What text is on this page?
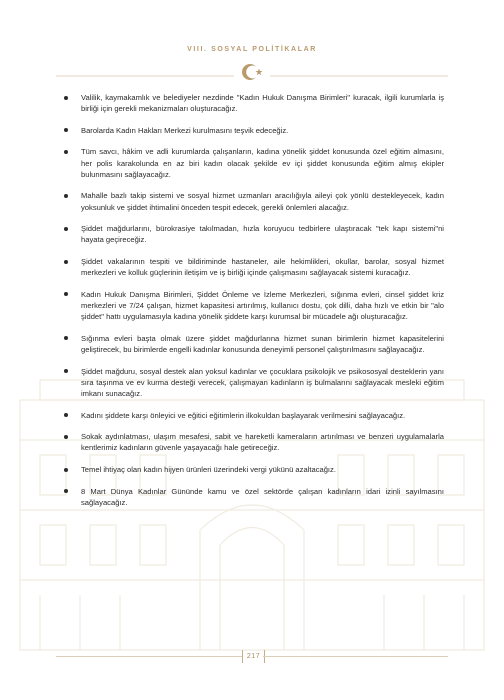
VIII. SOSYAL POLİTİKALAR
Valilik, kaymakamlık ve belediyeler nezdinde ''Kadın Hukuk Danışma Birimleri'' kuracak, ilgili kurumlarla iş birliği için gerekli mekanizmaları oluşturacağız.
Barolarda Kadın Hakları Merkezi kurulmasını teşvik edeceğiz.
Tüm savcı, hâkim ve adli kurumlarda çalışanların, kadına yönelik şiddet konusunda özel eğitim almasını, her polis karakolunda en az biri kadın olacak şekilde ev içi şiddet konusunda eğitim almış ekipler bulunmasını sağlayacağız.
Mahalle bazlı takip sistemi ve sosyal hizmet uzmanları aracılığıyla aileyi çok yönlü destekleyecek, kadın yoksunluk ve şiddet ihtimalini önceden tespit edecek, gerekli önlemleri alacağız.
Şiddet mağdurlarını, bürokrasiye takılmadan, hızla koruyucu tedbirlere ulaştıracak "tek kapı sistemi"ni hayata geçireceğiz.
Şiddet vakalarının tespiti ve bildiriminde hastaneler, aile hekimlikleri, okullar, barolar, sosyal hizmet merkezleri ve kolluk güçlerinin iletişim ve iş birliği içinde çalışmasını sağlayacak sistemi kuracağız.
Kadın Hukuk Danışma Birimleri, Şiddet Önleme ve İzleme Merkezleri, sığınma evleri, cinsel şiddet kriz merkezleri ve 7/24 çalışan, hizmet kapasitesi artırılmış, kullanıcı dostu, çok dilli, daha hızlı ve etkin bir "alo şiddet" hattı uygulamasıyla kadına yönelik şiddete karşı kurumsal bir mücadele ağı oluşturacağız.
Sığınma evleri başta olmak üzere şiddet mağdurlarına hizmet sunan birimlerin hizmet kapasitelerini geliştirecek, bu birimlerde engelli kadınlar konusunda deneyimli personel çalıştırılmasını sağlayacağız.
Şiddet mağduru, sosyal destek alan yoksul kadınlar ve çocuklara psikolojik ve psikososyal desteklerin yanı sıra taşınma ve ev kurma desteği verecek, çalışmayan kadınların iş bulmalarını sağlayacak mesleki eğitim imkanı sunacağız.
Kadını şiddete karşı önleyici ve eğitici eğitimlerin ilkokuldan başlayarak verilmesini sağlayacağız.
Sokak aydınlatması, ulaşım mesafesi, sabit ve hareketli kameraların artırılması ve benzeri uygulamalarla kentlerimiz kadınların güvenle yaşayacağı hale getireceğiz.
Temel ihtiyaç olan kadın hijyen ürünleri üzerindeki vergi yükünü azaltacağız.
8 Mart Dünya Kadınlar Gününde kamu ve özel sektörde çalışan kadınların idari izinli sayılmasını sağlayacağız.
217
